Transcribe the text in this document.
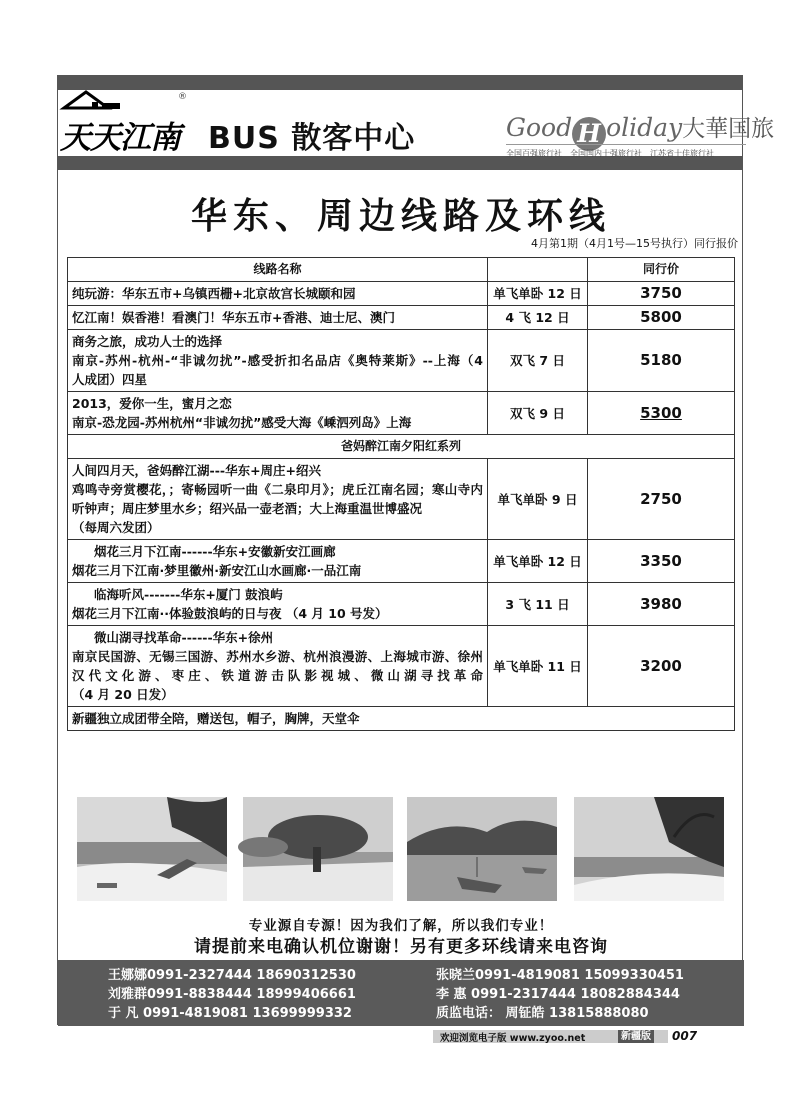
天天江南
®
BUS 散客中心	Good H oliday大華国旅
全国百强旅行社　全国国内十强旅行社　江苏省十佳旅行社
华东、周边线路及环线
4月第1期（4月1号—15号执行）同行报价
线路名称		同行价
纯玩游：华东五市+乌镇西栅+北京故宫长城颐和园	单飞单卧 12 日	3750
忆江南！娱香港！看澳门！华东五市+香港、迪士尼、澳门	4 飞 12 日	5800

商务之旅，成功人士的选择
南京-苏州-杭州-“非诚勿扰”-感受折扣名品店《奥特莱斯》--上海（4
人成团）四星	双飞 7 日	5180

2013，爱你一生，蜜月之恋
南京-恐龙园-苏州杭州“非诚勿扰”感受大海《嵊泗列岛》上海	双飞 9 日	5300
爸妈醉江南夕阳红系列		

人间四月天，爸妈醉江湖---华东+周庄+绍兴
鸡鸣寺旁赏樱花，；寄畅园听一曲《二泉印月》；虎丘江南名园；寒山寺内
听钟声；周庄梦里水乡；绍兴品一壶老酒；大上海重温世博盛况
（每周六发团）	单飞单卧 9 日	2750

烟花三月下江南------华东+安徽新安江画廊
烟花三月下江南·梦里徽州·新安江山水画廊·一品江南	单飞单卧 12 日	3350

临海听风-------华东+厦门 鼓浪屿
烟花三月下江南··体验鼓浪屿的日与夜 （4 月 10 号发）	3 飞 11 日	3980

微山湖寻找革命------华东+徐州
南京民国游、无锡三国游、苏州水乡游、杭州浪漫游、上海城市游、徐州
汉代文化游、枣庄、铁道游击队影视城、微山湖寻找革命
（4 月 20 日发）	单飞单卧 11 日	3200
新疆独立成团带全陪，赠送包，帽子，胸牌，天堂伞		
专业源自专源！因为我们了解，所以我们专业！
请提前来电确认机位谢谢！另有更多环线请来电咨询
王娜娜0991-2327444 18690312530
刘雅群0991-8838444 18999406661
于 凡 0991-4819081 13699999332
张晓兰0991-4819081 15099330451
李 惠 0991-2317444 18082884344
质监电话： 周钲皓 13815888080
欢迎浏览电子版 www.zyoo.net	新疆版 007
